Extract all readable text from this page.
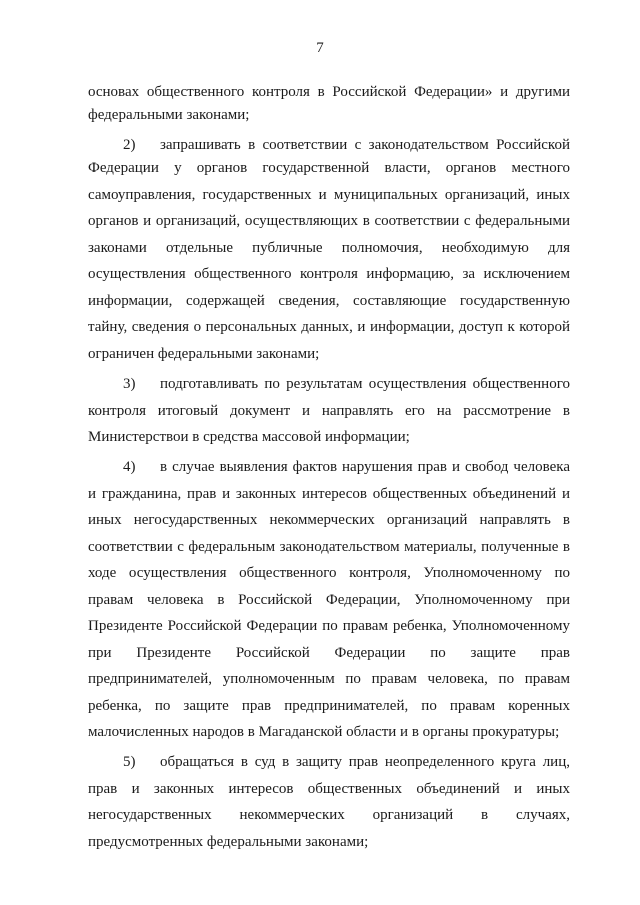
7
основах общественного контроля в Российской Федерации» и другими
федеральными законами;
2) запрашивать в соответствии с законодательством Российской
Федерации у органов государственной власти, органов местного
самоуправления, государственных и муниципальных организаций, иных
органов и организаций, осуществляющих в соответствии с федеральными
законами отдельные публичные полномочия, необходимую для
осуществления общественного контроля информацию, за исключением
информации, содержащей сведения, составляющие государственную
тайну, сведения о персональных данных, и информации, доступ к которой
ограничен федеральными законами;
3) подготавливать по результатам осуществления общественного
контроля итоговый документ и направлять его на рассмотрение в
Министерствои в средства массовой информации;
4) в случае выявления фактов нарушения прав и свобод человека
и гражданина, прав и законных интересов общественных объединений и
иных негосударственных некоммерческих организаций направлять в
соответствии с федеральным законодательством материалы, полученные в
ходе осуществления общественного контроля, Уполномоченному по
правам человека в Российской Федерации, Уполномоченному при
Президенте Российской Федерации по правам ребенка, Уполномоченному
при Президенте Российской Федерации по защите прав
предпринимателей, уполномоченным по правам человека, по правам
ребенка, по защите прав предпринимателей, по правам коренных
малочисленных народов в Магаданской области и в органы прокуратуры;
5) обращаться в суд в защиту прав неопределенного круга лиц,
прав и законных интересов общественных объединений и иных
негосударственных некоммерческих организаций в случаях,
предусмотренных федеральными законами;
